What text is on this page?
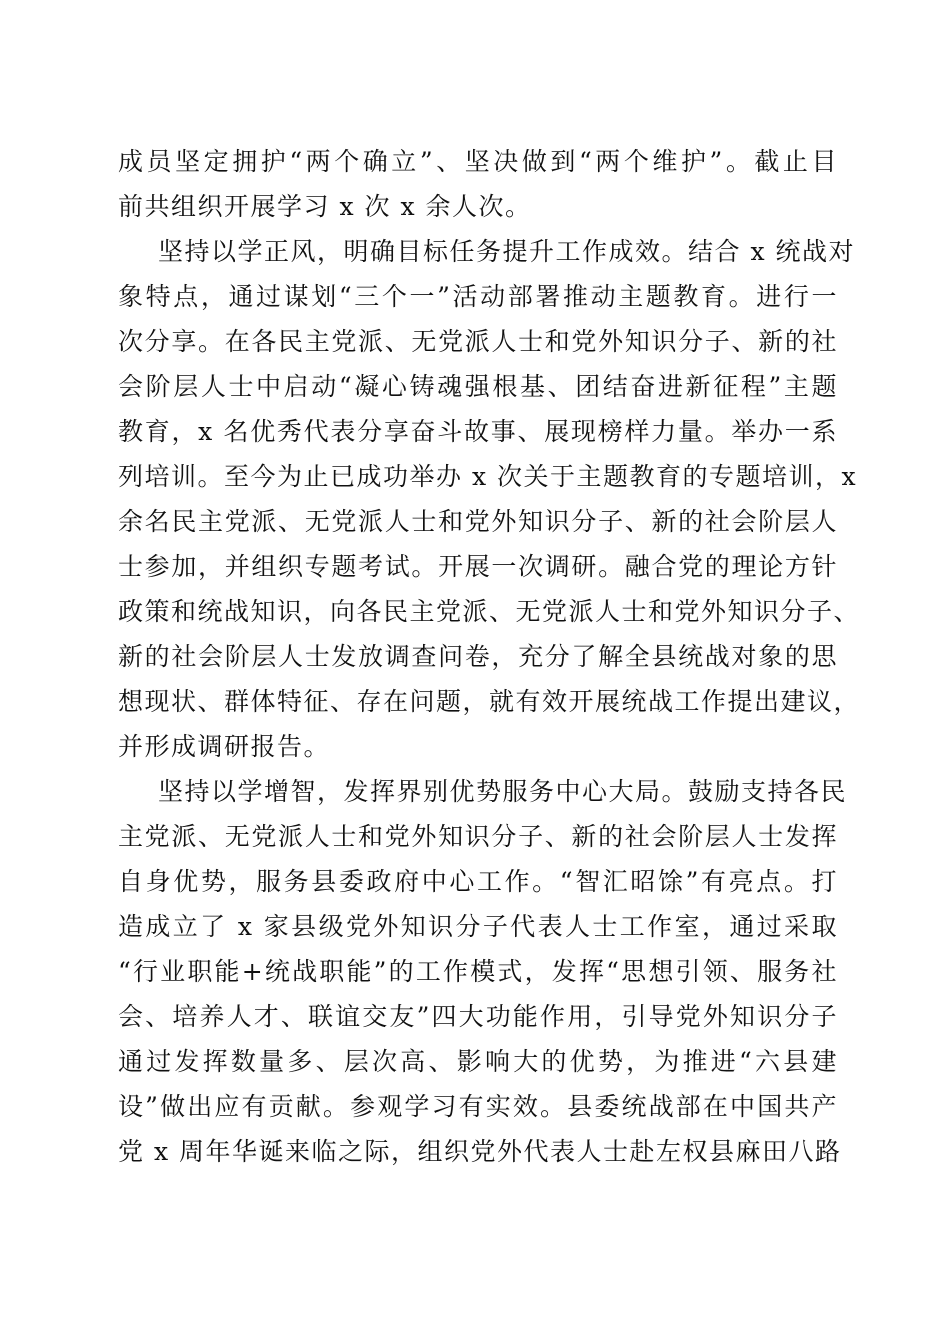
成员坚定拥护“两个确立”、坚决做到“两个维护”。截止目
前共组织开展学习 x 次 x 余人次。
坚持以学正风，明确目标任务提升工作成效。结合 x 统战对
象特点，通过谋划“三个一”活动部署推动主题教育。进行一
次分享。在各民主党派、无党派人士和党外知识分子、新的社
会阶层人士中启动“凝心铸魂强根基、团结奋进新征程”主题
教育，x 名优秀代表分享奋斗故事、展现榜样力量。举办一系
列培训。至今为止已成功举办 x 次关于主题教育的专题培训，x
余名民主党派、无党派人士和党外知识分子、新的社会阶层人
士参加，并组织专题考试。开展一次调研。融合党的理论方针
政策和统战知识，向各民主党派、无党派人士和党外知识分子、
新的社会阶层人士发放调查问卷，充分了解全县统战对象的思
想现状、群体特征、存在问题，就有效开展统战工作提出建议，
并形成调研报告。
坚持以学增智，发挥界别优势服务中心大局。鼓励支持各民
主党派、无党派人士和党外知识分子、新的社会阶层人士发挥
自身优势，服务县委政府中心工作。“智汇昭馀”有亮点。打
造成立了 x 家县级党外知识分子代表人士工作室，通过采取
“行业职能+统战职能”的工作模式，发挥“思想引领、服务社
会、培养人才、联谊交友”四大功能作用，引导党外知识分子
通过发挥数量多、层次高、影响大的优势，为推进“六县建
设”做出应有贡献。参观学习有实效。县委统战部在中国共产
党 x 周年华诞来临之际，组织党外代表人士赴左权县麻田八路
